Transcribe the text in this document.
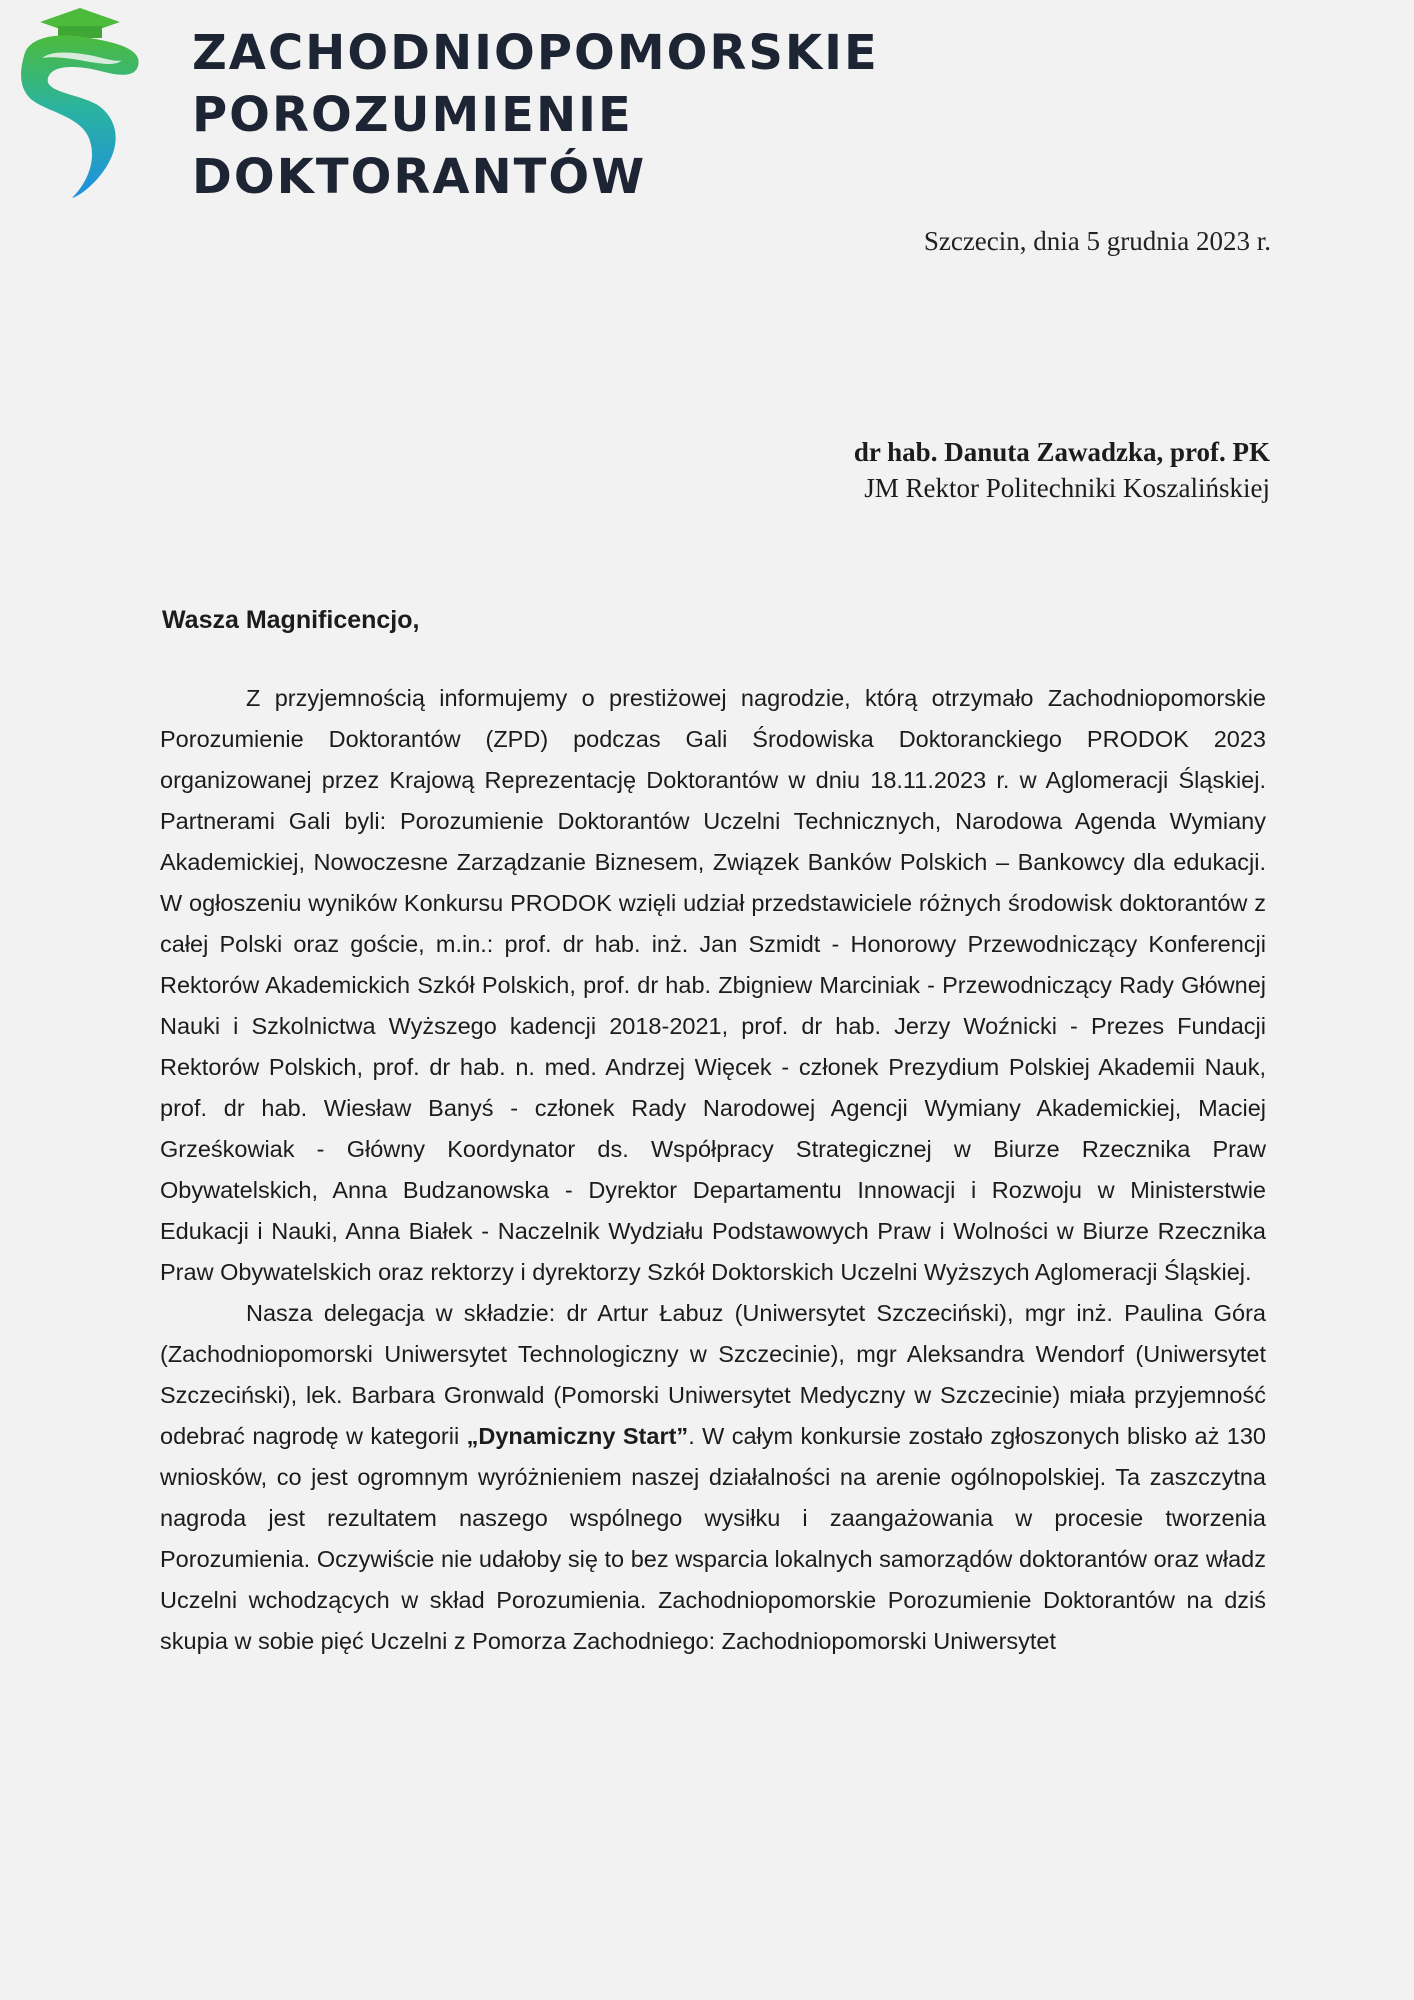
ZACHODNIOPOMORSKIE
POROZUMIENIE
DOKTORANTÓW
Szczecin, dnia 5 grudnia 2023 r.
dr hab. Danuta Zawadzka, prof. PK
JM Rektor Politechniki Koszalińskiej
Wasza Magnificencjo,

Z przyjemnością informujemy o prestiżowej nagrodzie, którą otrzymało Zachodniopomorskie Porozumienie Doktorantów (ZPD) podczas Gali Środowiska Doktoranckiego PRODOK 2023 organizowanej przez Krajową Reprezentację Doktorantów w dniu 18.11.2023 r. w Aglomeracji Śląskiej. Partnerami Gali byli: Porozumienie Doktorantów Uczelni Technicznych, Narodowa Agenda Wymiany Akademickiej, Nowoczesne Zarządzanie Biznesem, Związek Banków Polskich – Bankowcy dla edukacji. W ogłoszeniu wyników Konkursu PRODOK wzięli udział przedstawiciele różnych środowisk doktorantów z całej Polski oraz goście, m.in.: prof. dr hab. inż. Jan Szmidt - Honorowy Przewodniczący Konferencji Rektorów Akademickich Szkół Polskich, prof. dr hab. Zbigniew Marciniak - Przewodniczący Rady Głównej Nauki i Szkolnictwa Wyższego kadencji 2018-2021, prof. dr hab. Jerzy Woźnicki - Prezes Fundacji Rektorów Polskich, prof. dr hab. n. med. Andrzej Więcek - członek Prezydium Polskiej Akademii Nauk, prof. dr hab. Wiesław Banyś - członek Rady Narodowej Agencji Wymiany Akademickiej, Maciej Grześkowiak - Główny Koordynator ds. Współpracy Strategicznej w Biurze Rzecznika Praw Obywatelskich, Anna Budzanowska - Dyrektor Departamentu Innowacji i Rozwoju w Ministerstwie Edukacji i Nauki, Anna Białek - Naczelnik Wydziału Podstawowych Praw i Wolności w Biurze Rzecznika Praw Obywatelskich oraz rektorzy i dyrektorzy Szkół Doktorskich Uczelni Wyższych Aglomeracji Śląskiej.

Nasza delegacja w składzie: dr Artur Łabuz (Uniwersytet Szczeciński), mgr inż. Paulina Góra (Zachodniopomorski Uniwersytet Technologiczny w Szczecinie), mgr Aleksandra Wendorf (Uniwersytet Szczeciński), lek. Barbara Gronwald (Pomorski Uniwersytet Medyczny w Szczecinie) miała przyjemność odebrać nagrodę w kategorii „Dynamiczny Start”. W całym konkursie zostało zgłoszonych blisko aż 130 wniosków, co jest ogromnym wyróżnieniem naszej działalności na arenie ogólnopolskiej. Ta zaszczytna nagroda jest rezultatem naszego wspólnego wysiłku i zaangażowania w procesie tworzenia Porozumienia. Oczywiście nie udałoby się to bez wsparcia lokalnych samorządów doktorantów oraz władz Uczelni wchodzących w skład Porozumienia. Zachodniopomorskie Porozumienie Doktorantów na dziś skupia w sobie pięć Uczelni z Pomorza Zachodniego: Zachodniopomorski Uniwersytet
